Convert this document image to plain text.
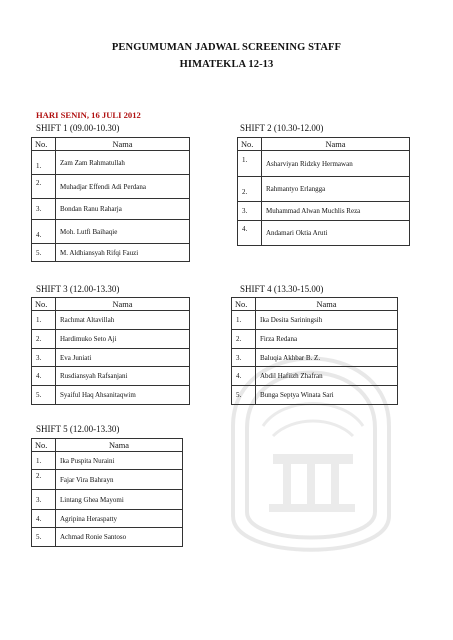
PENGUMUMAN JADWAL SCREENING STAFF
HIMATEKLA 12-13
HARI SENIN, 16 JULI 2012
SHIFT 1 (09.00-10.30)
No.	Nama
1.	Zam Zam Rahmatullah
2.	Muhadjar Effendi Adi Perdana
3.	Bondan Ranu Raharja
4.	Moh. Lutfi Baihaqie
5.	M. Aldhiansyah Rifqi Fauzi
SHIFT 2 (10.30-12.00)
No.	Nama
1.	Asharviyan Ridzky Hermawan
2.	Rahmantyo Erlangga
3.	Muhammad Alwan Muchlis Reza
4.	Andamari Oktia Aruti
SHIFT 3 (12.00-13.30)
No.	Nama
1.	Rachmat Altavillah
2.	Hardimuko Seto Aji
3.	Eva Juniati
4.	Rusdiansyah Rafsanjani
5.	Syaiful Haq Ahsanitaqwim
SHIFT 4 (13.30-15.00)
No.	Nama
1.	Ika Desita Sariningsih
2.	Firza Redana
3.	Baluqia Akhbar B. Z.
4.	Abdil Hafiizh Zhafran
5.	Bunga Septya Winata Sari
SHIFT 5 (12.00-13.30)
No.	Nama
1.	Ika Puspita Nuraini
2.	Fajar Vira Bahrayn
3.	Lintang Ghea Mayomi
4.	Agripina Heraspatty
5.	Achmad Ronie Santoso
